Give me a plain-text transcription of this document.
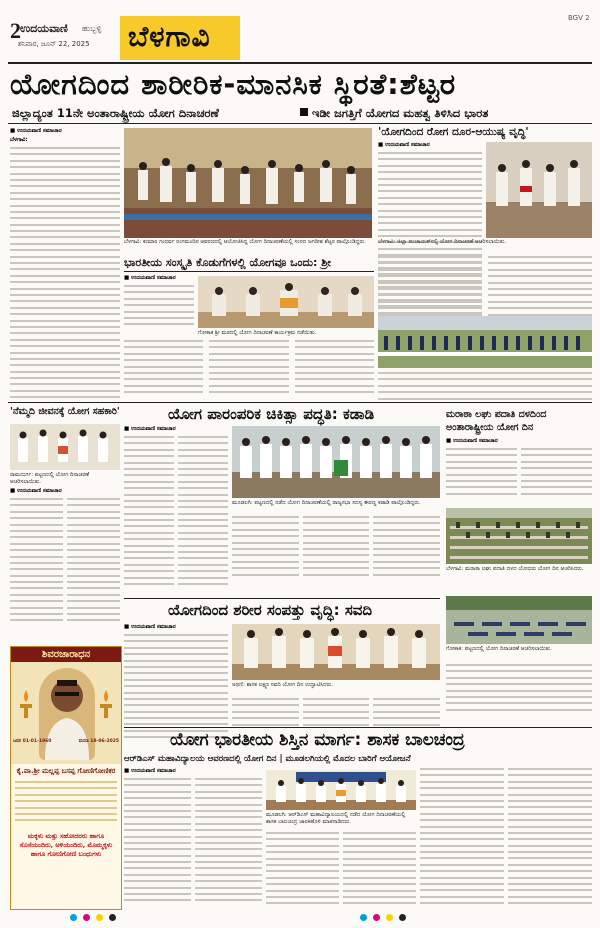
2 ಉದಯವಾಣಿ ಹುಬ್ಬಳ್ಳಿ
ಶನಿವಾರ, ಜೂನ್ 22, 2025 ಬೆಳಗಾವಿ
BGV 2
ಯೋಗದಿಂದ ಶಾರೀರಿಕ-ಮಾನಸಿಕ ಸ್ಥಿರತೆ:ಶೆಟ್ಟರ
ಜಿಲ್ಲಾದ್ಯಂತ 11ನೇ ಅಂತಾರಾಷ್ಟ್ರೀಯ ಯೋಗ ದಿನಾಚರಣೆ	ಇಡೀ ಜಗತ್ತಿಗೆ ಯೋಗದ ಮಹತ್ವ ತಿಳಿಸಿದ ಭಾರತ
■ ಉದಯವಾಣಿ ಸಮಾಚಾರ
ಬೆಳಗಾವಿ:
ಬೆಳಗಾವಿ: ಕುಮಾರ ಗಂಧರ್ವ ರಂಗಮಂದಿರ ಆವರಣದಲ್ಲಿ ಆಯೋಜಿಸಿದ್ದ ಯೋಗ ದಿನಾಚರಣೆಯಲ್ಲಿ ಸಂಸದ ಜಗದೀಶ ಶೆಟ್ಟರ ಪಾಲ್ಗೊಂಡಿದ್ದರು.
'ಯೋಗದಿಂದ ರೋಗ ದೂರ-ಆಯುಷ್ಯ ವೃದ್ಧಿ'
■ ಉದಯವಾಣಿ ಸಮಾಚಾರ
ಬೆಳಗಾವಿ: ಜಿಲ್ಲಾ ಪಂಚಾಯತ್‌ನಲ್ಲಿ ಯೋಗ ದಿನಾಚರಣೆ ಆಚರಿಸಲಾಯಿತು.
ಭಾರತೀಯ ಸಂಸ್ಕೃತಿ ಕೊಡುಗೆಗಳಲ್ಲಿ ಯೋಗವೂ ಒಂದು: ಶ್ರೀ
■ ಉದಯವಾಣಿ ಸಮಾಚಾರ
ಗೋಕಾಕ ಶ್ರೀ ಮಠದಲ್ಲಿ ಯೋಗ ದಿನಾಚರಣೆ ಕಾರ್ಯಕ್ರಮ ನಡೆಯಿತು.
'ನೆಮ್ಮದಿ ಜೀವನಕ್ಕೆ ಯೋಗ ಸಹಕಾರಿ'
ರಾಮದುರ್ಗ: ಪಟ್ಟಣದಲ್ಲಿ ಯೋಗ ದಿನಾಚರಣೆ ಆಚರಿಸಲಾಯಿತು.
■ ಉದಯವಾಣಿ ಸಮಾಚಾರ
ಯೋಗ ಪಾರಂಪರಿಕ ಚಿಕಿತ್ಸಾ ಪದ್ಧತಿ: ಕಡಾಡಿ
ಮೂಡಲಗಿ: ಪಟ್ಟಣದಲ್ಲಿ ನಡೆದ ಯೋಗ ದಿನಾಚರಣೆಯಲ್ಲಿ ರಾಜ್ಯಸಭಾ ಸದಸ್ಯ ಈರಣ್ಣ ಕಡಾಡಿ ಪಾಲ್ಗೊಂಡಿದ್ದರು.
■ ಉದಯವಾಣಿ ಸಮಾಚಾರ
ಮರಾಠಾ ಲಘು ಪದಾತಿ ದಳದಿಂದ ಅಂತಾರಾಷ್ಟ್ರೀಯ ಯೋಗ ದಿನ
■ ಉದಯವಾಣಿ ಸಮಾಚಾರ
ಬೆಳಗಾವಿ: ಮರಾಠಾ ಲಘು ಪದಾತಿ ದಳದ ಯೋಧರು ಯೋಗ ದಿನ ಆಚರಿಸಿದರು.
ಗೋಕಾಕ: ಪಟ್ಟಣದಲ್ಲಿ ಯೋಗ ದಿನಾಚರಣೆ ಆಚರಿಸಲಾಯಿತು.
ಯೋಗದಿಂದ ಶರೀರ ಸಂಪತ್ತು ವೃದ್ಧಿ: ಸವದಿ
■ ಉದಯವಾಣಿ ಸಮಾಚಾರ
ಅಥಣಿ: ಶಾಸಕ ಲಕ್ಷ್ಮಣ ಸವದಿ ಯೋಗ ದಿನ ಉದ್ಘಾಟಿಸಿದರು.
ಶಿವರಜಾರಾಧನ
ಜನನ 01-01-1960	ಮರಣ 18-06-2025
ಕೈ.ವಾ.ಶ್ರೀ ಮಲ್ಲಪ್ಪ ಬಸಪ್ಪ ಗೋಣಿಗೋಣಿಕರ
ಮಕ್ಕಳು ಮತ್ತು ಸಹೋದರರು ಹಾಗೂ
ಸೊಸೆಯಂದಿರು, ಅಳಿಯಂದಿರು, ಮೊಮ್ಮಕ್ಕಳು
ಹಾಗೂ ಗೋಣಿಗೋಣಿ ಬಂಧುಗಳು
ಯೋಗ ಭಾರತೀಯ ಶಿಸ್ತಿನ ಮಾರ್ಗ: ಶಾಸಕ ಬಾಲಚಂದ್ರ
ಆರ್‌ಡಿಎಸ್ ಮಹಾವಿದ್ಯಾಲಯ ಆವರಣದಲ್ಲಿ ಯೋಗ ದಿನ | ಮೂಡಲಗಿಯಲ್ಲಿ ಮೊದಲ ಬಾರಿಗೆ ಆಯೋಜನೆ
■ ಉದಯವಾಣಿ ಸಮಾಚಾರ
ಮೂಡಲಗಿ: ಆರ್‌ಡಿಎಸ್ ಮಹಾವಿದ್ಯಾಲಯದಲ್ಲಿ ನಡೆದ ಯೋಗ ದಿನಾಚರಣೆಯಲ್ಲಿ ಶಾಸಕ ಬಾಲಚಂದ್ರ ಜಾರಕಿಹೊಳಿ ಮಾತನಾಡಿದರು.
